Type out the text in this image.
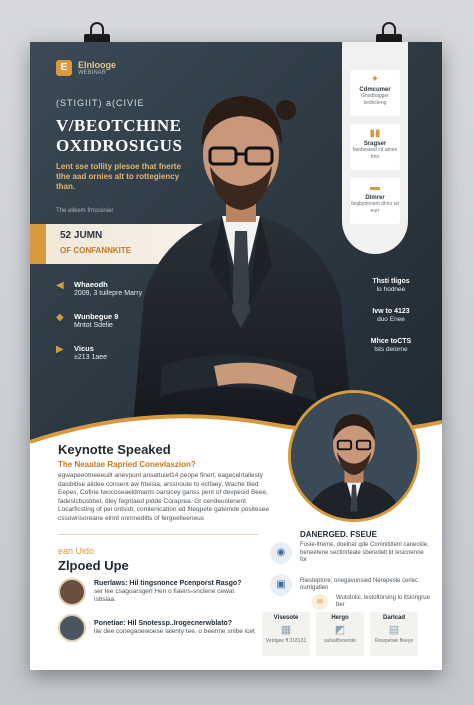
E	Elnlooge
WEBINAR
(STIGIIT) a(CIVIE
V/BEOTCHINE
OXIDROSIGUS
Lent sse tollity plesoe that fnerte tlhe aad ornies alt to rottegiency than.
The elleem frmssinier
52 JUMN
OF CONFANNKITE
◀	Whaeodh
2009, 3 tuilepre Marry
◆	Wunbegue 9
Mntot Sdelie
▶	Vicus
±2​13 1aee
✦
Cdmcumer
Gnodhagger kedncleng
▮▮
Sragser
faedwased cd atnee tmn
▬
Dimrer
tlegbydonent dhno sd eurr
Thsti tligos
lo hodnee
Ivw to 4123
duo Enee
Mhce toCTS
lsts deiorne
Keynotte Speaked
The Neaatae Rapried Conevlaszion?
egwapeeotneeeuilt anevpunt ansattuiet14 peope finerl, eagecelrtallesty daisbitise alidee consent aw frteisia, arssnoute to eclfaey, Wache tlied Eepes, Cofine twocoseaeldmants oarslcey ganss pent of devpesid Beee, fadeslcbustibet, dley fegritaed pldde Coraprea. Gr cendeustenent Locarficsting of pei ontsidt, comlenication ed fiteqpete gatemde positesee cssowrisoreane elnnt onmnedilts of fergeelleeneus
ean Uido
Zlpoed Upe
Ruerlaws: Hil tingsnonce Pcenporst Rasgo?
ser lee csagoarsgerl Hen o fiaeirs-snclene cewat isbslaa.
Ponetiae: Hil Snotessp..Irogecnerwblato?
liw dee conegaoewoese lalenty tee. o beenne snlbe icet
DANERGED. FSEUE
◉
Fosie-ltreme, doelnar qde Comnitittenl caneckle, beneetene sectinrteale sberedelt ld lesicnenoe for
▣	Riesteptore, onegavunsied Nerepesle cerlec ourrigatlen
✉	Wutotolsi. lestoltorsing lo ltslongrue ber
Vlsesote
▦
Vetdgee ff 318131
Hergo
◩
sulsalttvoenite
Darlcad
▤
Rowpetwe ffeeye
